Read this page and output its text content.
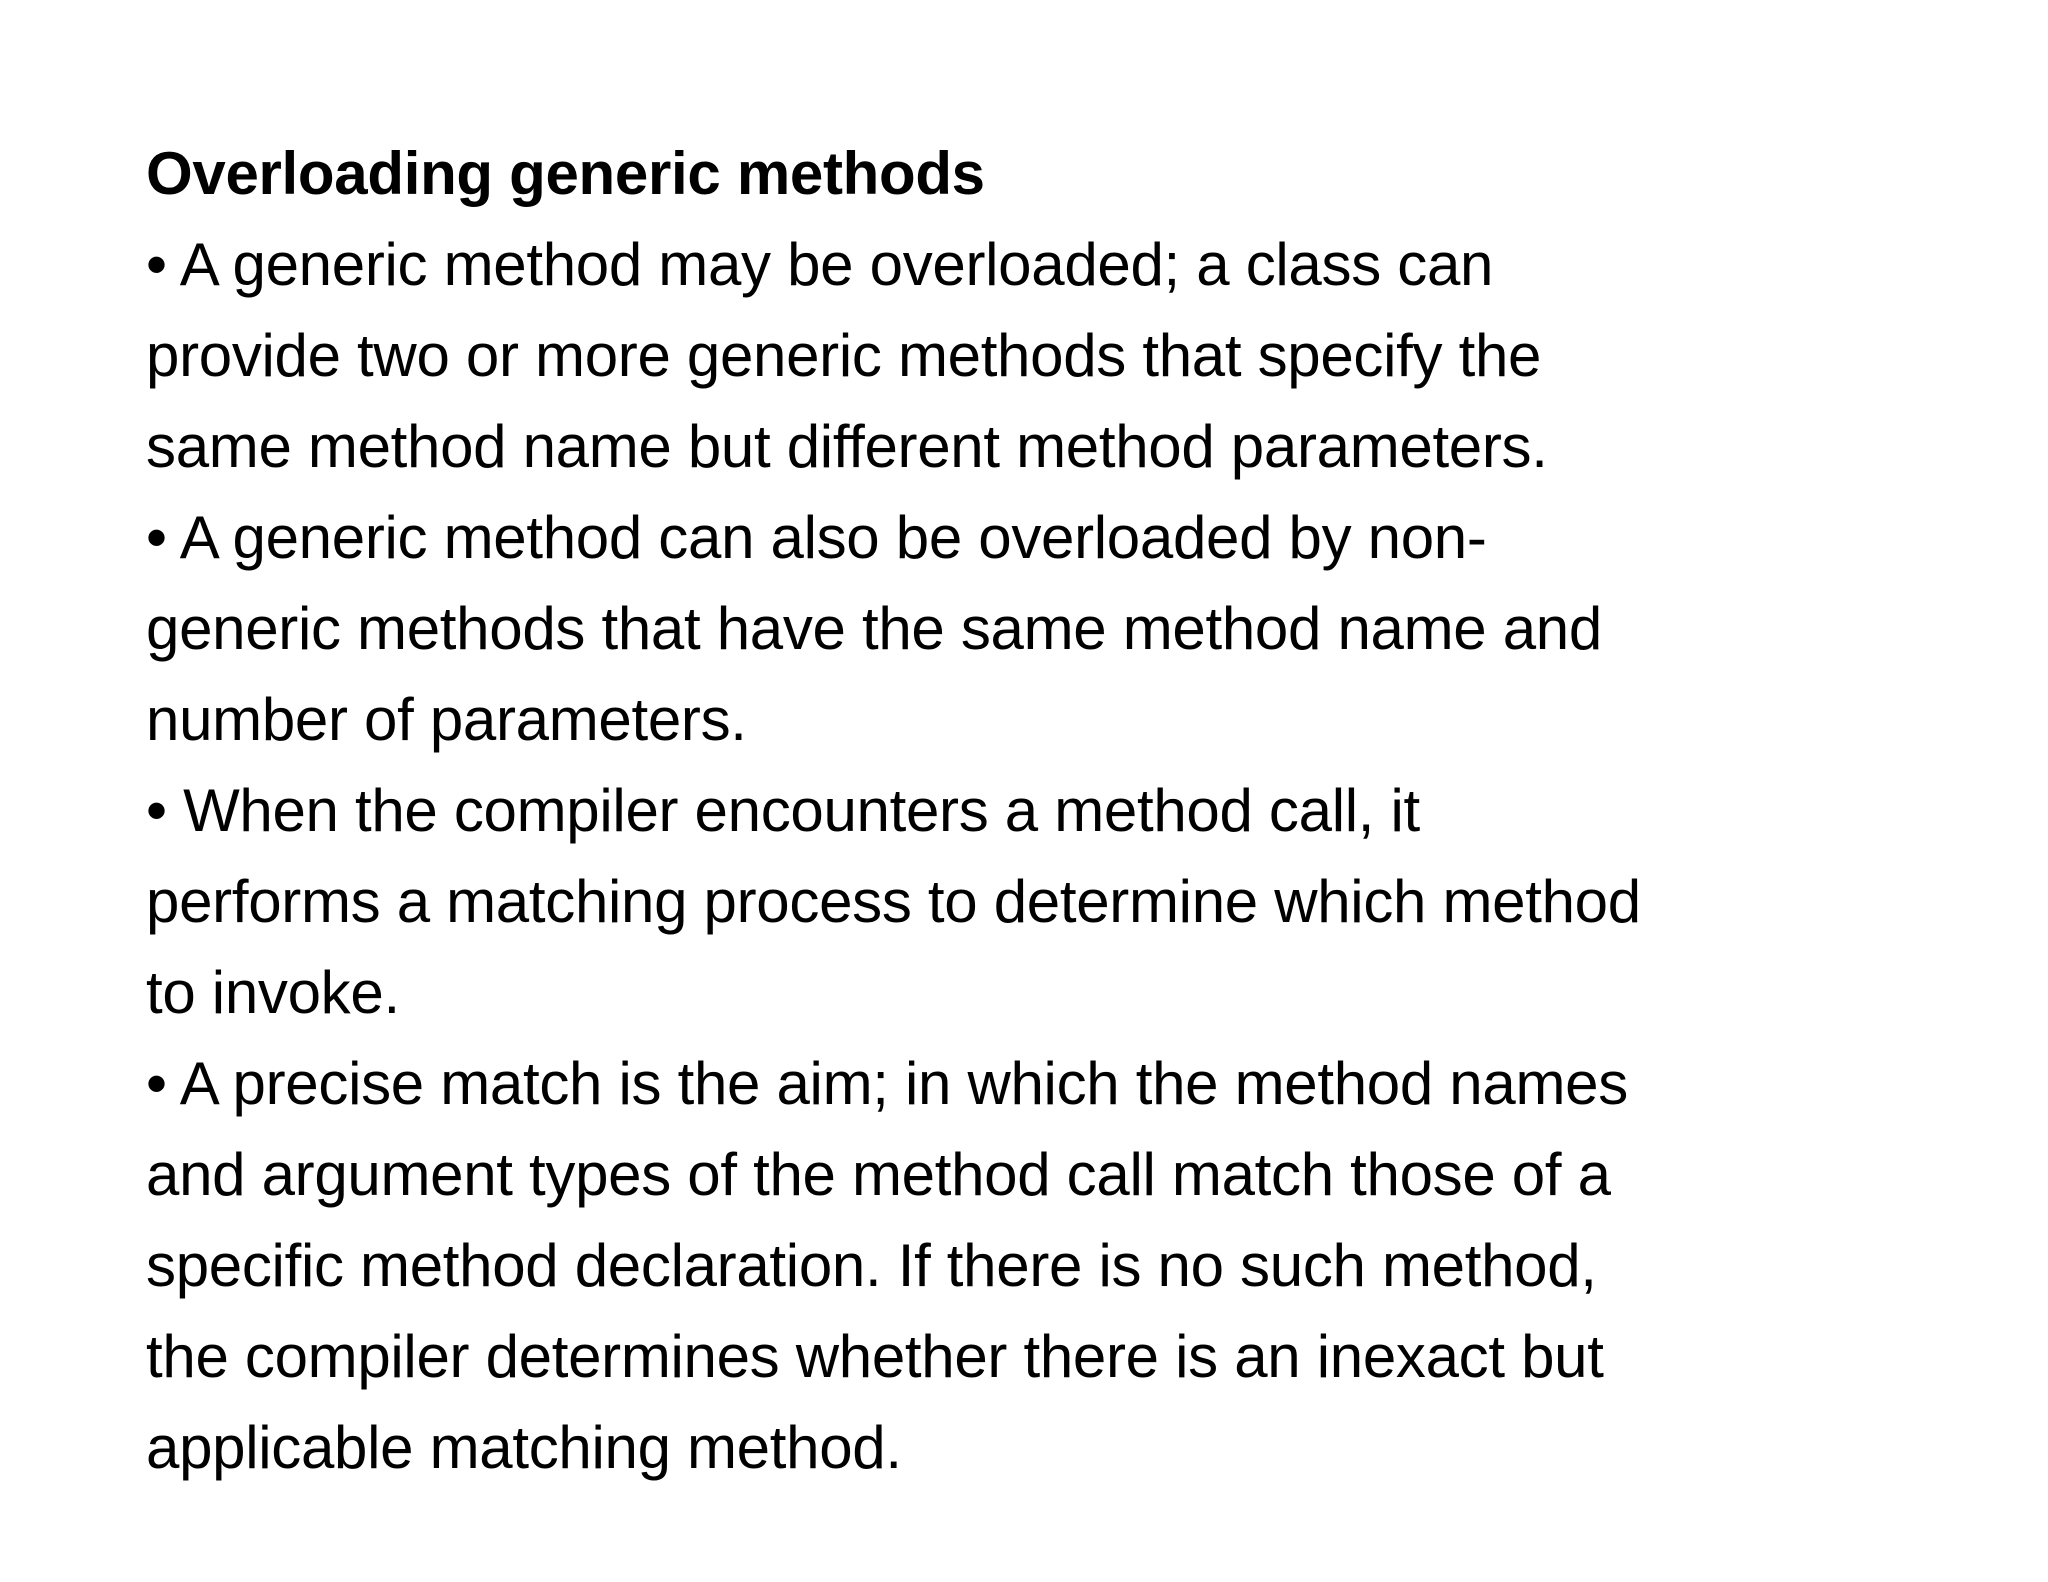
Overloading generic methods
• A generic method may be overloaded; a class can
provide two or more generic methods that specify the
same method name but different method parameters.
• A generic method can also be overloaded by non-
generic methods that have the same method name and
number of parameters.
• When the compiler encounters a method call, it
performs a matching process to determine which method
to invoke.
• A precise match is the aim; in which the method names
and argument types of the method call match those of a
specific method declaration. If there is no such method,
the compiler determines whether there is an inexact but
applicable matching method.
